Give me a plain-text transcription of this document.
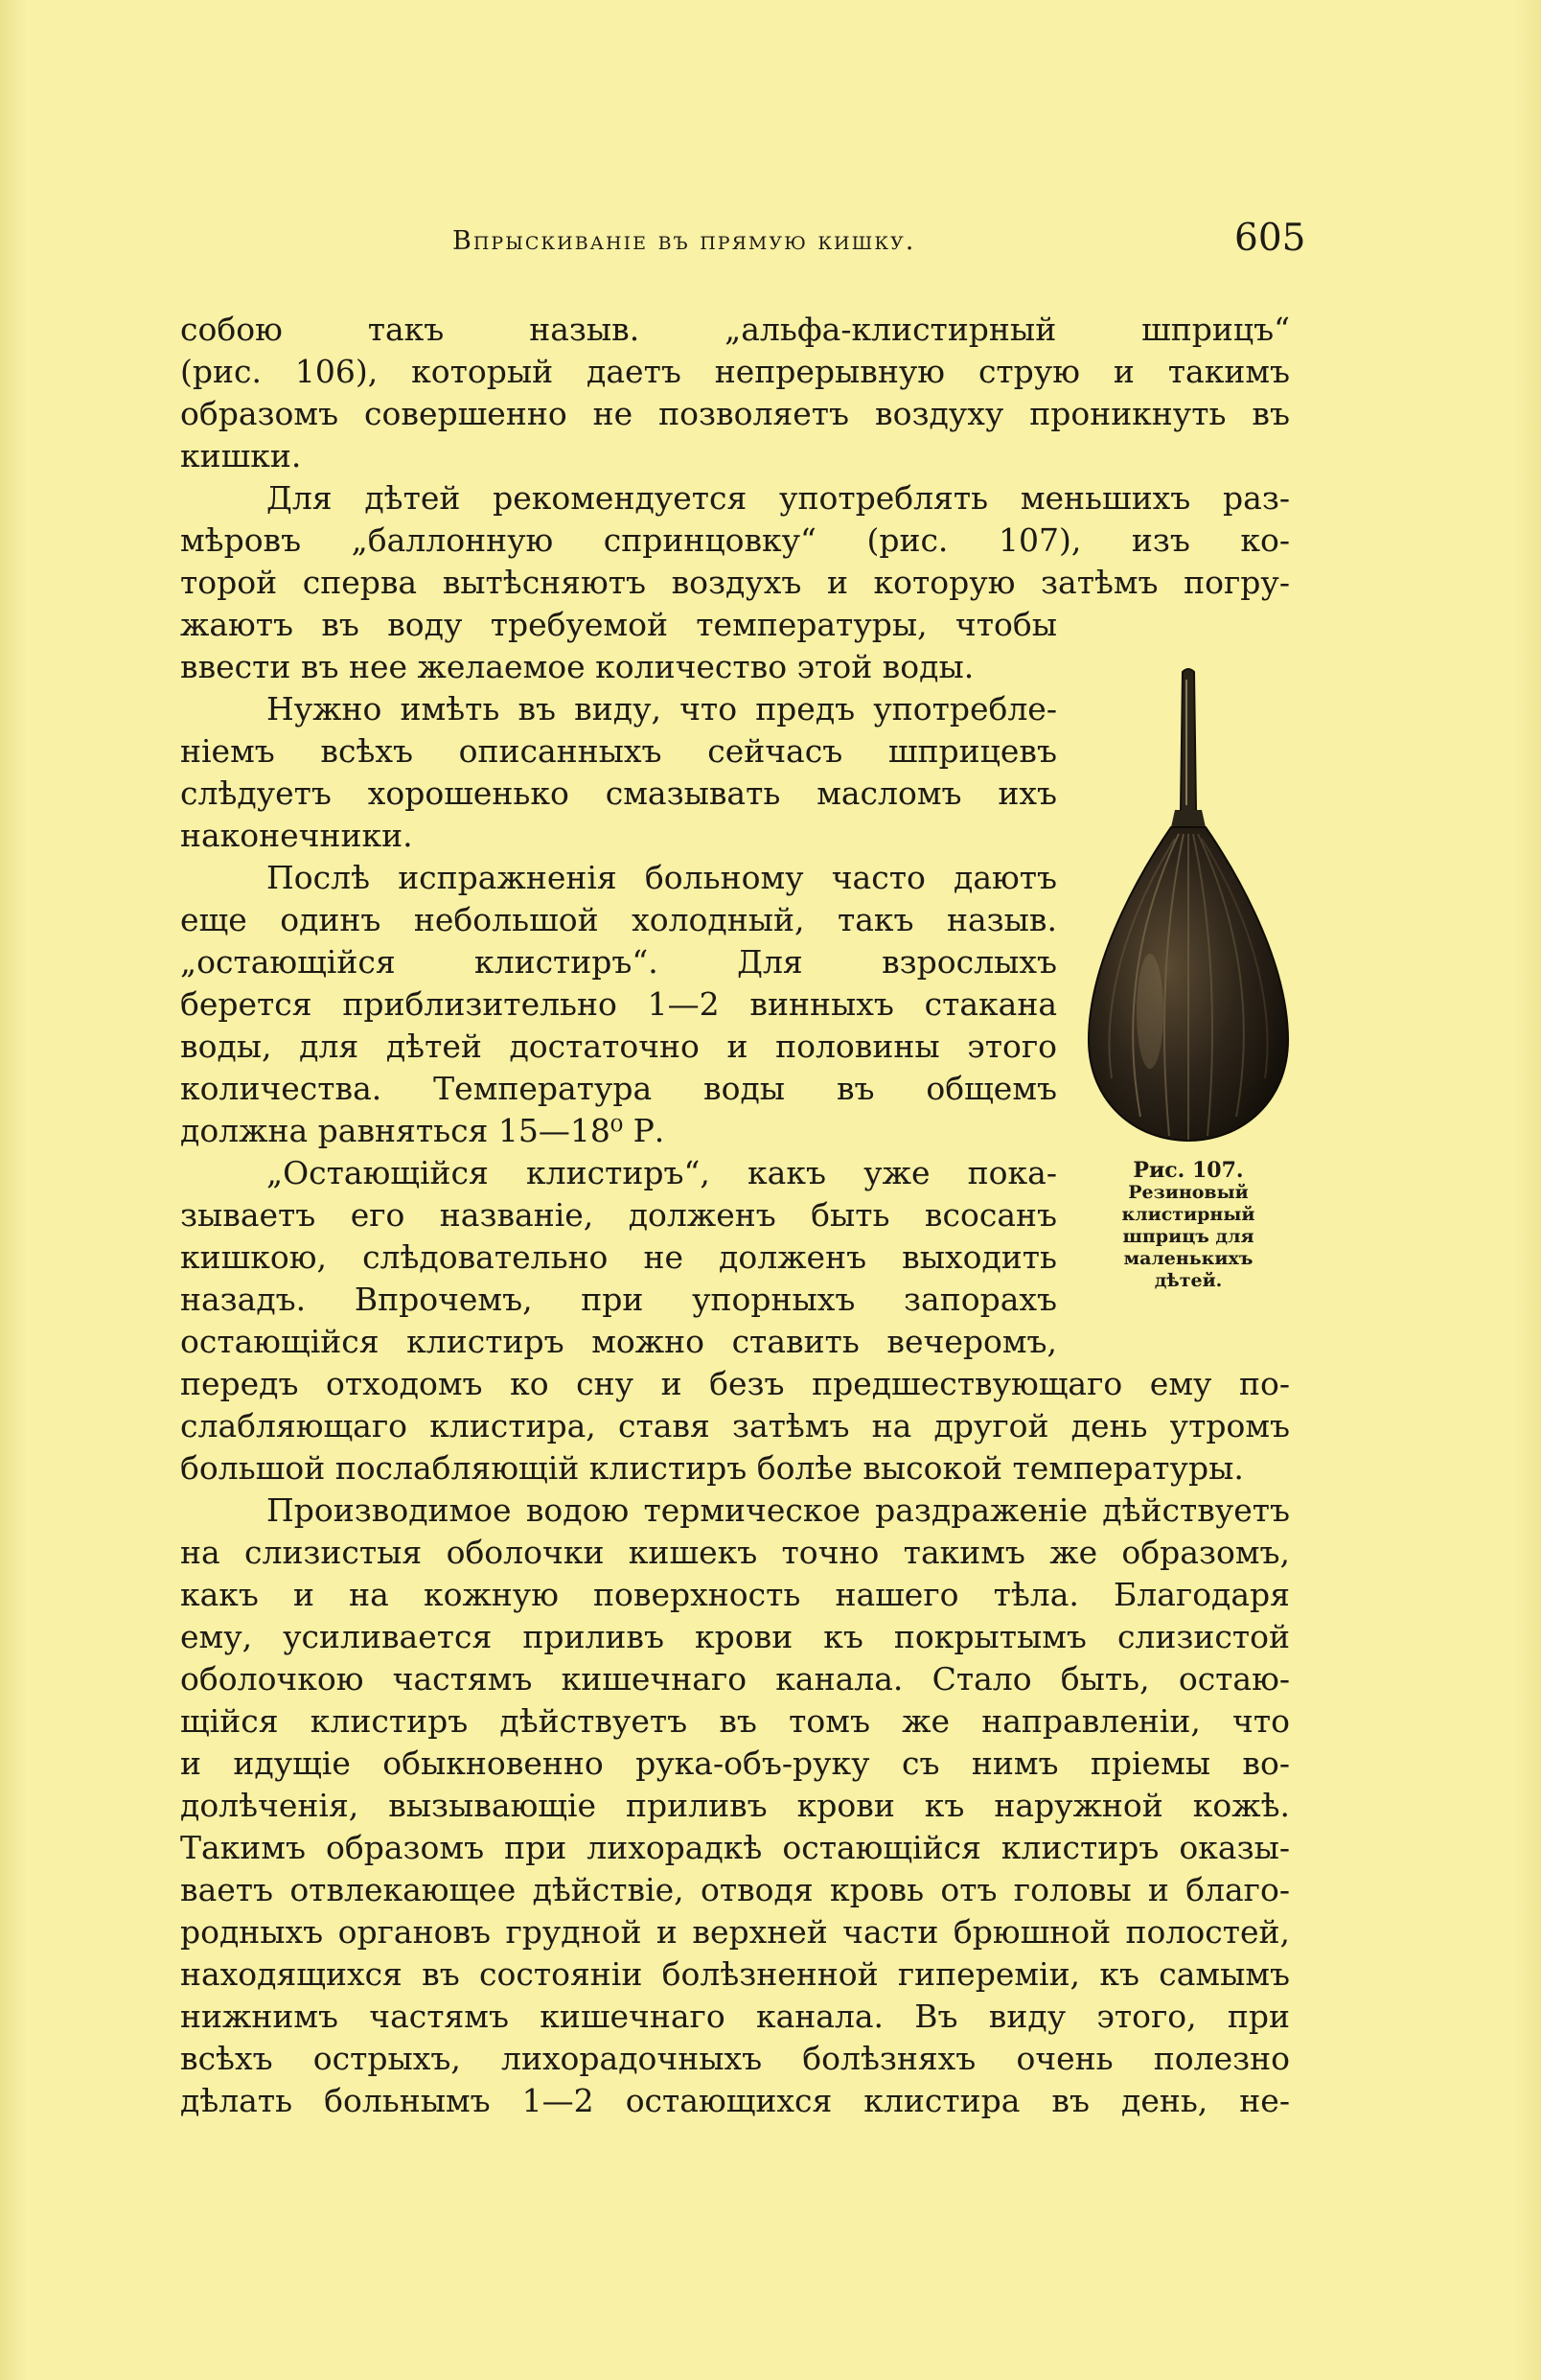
Впрыскиваніе въ прямую кишку.	605
собою такъ назыв. „альфа-клистирный шприцъ“
(рис. 106), который даетъ непрерывную струю и такимъ
образомъ совершенно не позволяетъ воздуху проникнуть въ
кишки.
Для дѣтей рекомендуется употреблять меньшихъ раз-
мѣровъ „баллонную спринцовку“ (рис. 107), изъ ко-
торой сперва вытѣсняютъ воздухъ и которую затѣмъ погру-
жаютъ въ воду требуемой температуры, чтобы
ввести въ нее желаемое количество этой воды.
Нужно имѣть въ виду, что предъ употребле-
ніемъ всѣхъ описанныхъ сейчасъ шприцевъ
слѣдуетъ хорошенько смазывать масломъ ихъ
наконечники.
Послѣ испражненія больному часто даютъ
еще одинъ небольшой холодный, такъ назыв.
„остающійся клистиръ“. Для взрослыхъ
берется приблизительно 1—2 винныхъ стакана
воды, для дѣтей достаточно и половины этого
количества. Температура воды въ общемъ
должна равняться 15—18⁰ Р.
„Остающійся клистиръ“, какъ уже пока-
зываетъ его названіе, долженъ быть всосанъ
кишкою, слѣдовательно не долженъ выходить
назадъ. Впрочемъ, при упорныхъ запорахъ
остающійся клистиръ можно ставить вечеромъ,
передъ отходомъ ко сну и безъ предшествующаго ему по-
слабляющаго клистира, ставя затѣмъ на другой день утромъ
большой послабляющій клистиръ болѣе высокой температуры.
Производимое водою термическое раздраженіе дѣйствуетъ
на слизистыя оболочки кишекъ точно такимъ же образомъ,
какъ и на кожную поверхность нашего тѣла. Благодаря
ему, усиливается приливъ крови къ покрытымъ слизистой
оболочкою частямъ кишечнаго канала. Стало быть, остаю-
щійся клистиръ дѣйствуетъ въ томъ же направленіи, что
и идущіе обыкновенно рука-объ-руку съ нимъ пріемы во-
долѣченія, вызывающіе приливъ крови къ наружной кожѣ.
Такимъ образомъ при лихорадкѣ остающійся клистиръ оказы-
ваетъ отвлекающее дѣйствіе, отводя кровь отъ головы и благо-
родныхъ органовъ грудной и верхней части брюшной полостей,
находящихся въ состояніи болѣзненной гипереміи, къ самымъ
нижнимъ частямъ кишечнаго канала. Въ виду этого, при
всѣхъ острыхъ, лихорадочныхъ болѣзняхъ очень полезно
дѣлать больнымъ 1—2 остающихся клистира въ день, не-
Рис. 107.
Резиновый
клистирный
шприцъ для
маленькихъ
дѣтей.
